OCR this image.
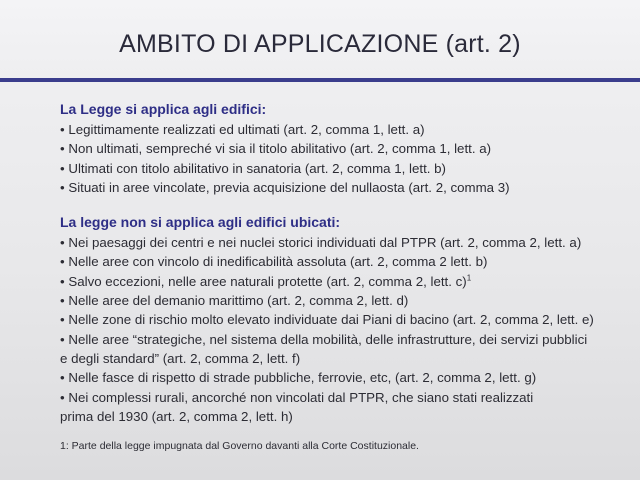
AMBITO DI APPLICAZIONE (art. 2)

La Legge si applica agli edifici:

• Legittimamente realizzati ed ultimati (art. 2, comma 1, lett. a)
• Non ultimati, sempreché vi sia il titolo abilitativo (art. 2, comma 1, lett. a)
• Ultimati con titolo abilitativo in sanatoria (art. 2, comma 1, lett. b)
• Situati in aree vincolate, previa acquisizione del nullaosta (art. 2, comma 3)

La legge non si applica agli edifici ubicati:

• Nei paesaggi dei centri e nei nuclei storici individuati dal PTPR (art. 2, comma 2, lett. a)
• Nelle aree con vincolo di inedificabilità assoluta (art. 2, comma 2 lett. b)
• Salvo eccezioni, nelle aree naturali protette (art. 2, comma 2, lett. c)$^1$
• Nelle aree del demanio marittimo (art. 2, comma 2, lett. d)
• Nelle zone di rischio molto elevato individuate dai Piani di bacino (art. 2, comma 2, lett. e)
• Nelle aree “strategiche, nel sistema della mobilità, delle infrastrutture, dei servizi pubblici
e degli standard” (art. 2, comma 2, lett. f)
• Nelle fasce di rispetto di strade pubbliche, ferrovie, etc, (art. 2, comma 2, lett. g)
• Nei complessi rurali, ancorché non vincolati dal PTPR, che siano stati realizzati
prima del 1930 (art. 2, comma 2, lett. h)
1: Parte della legge impugnata dal Governo davanti alla Corte Costituzionale.
